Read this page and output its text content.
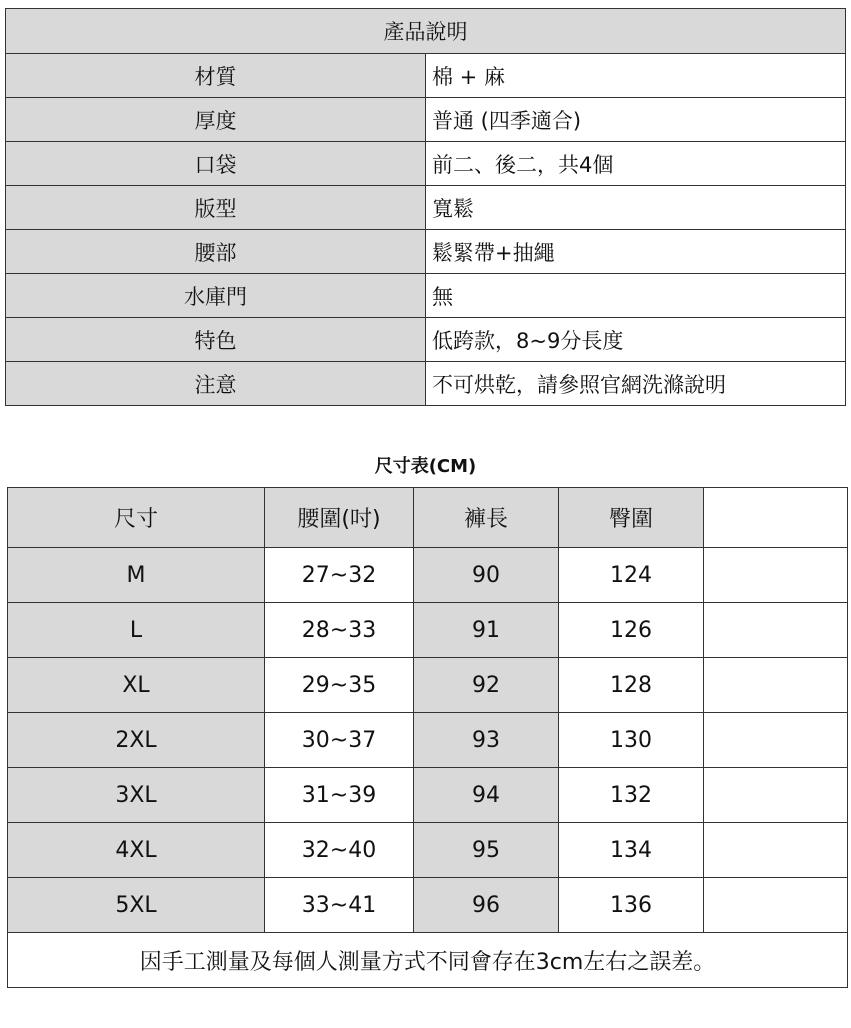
產品說明	
材質	棉 + 麻
厚度	普通 (四季適合)
口袋	前二、後二，共4個
版型	寬鬆
腰部	鬆緊帶+抽繩
水庫門	無
特色	低跨款，8~9分長度
注意	不可烘乾，請參照官網洗滌說明
尺寸表(CM)
尺寸	腰圍(吋)	褲長	臀圍	
M	27~32	90	124	
L	28~33	91	126	
XL	29~35	92	128	
2XL	30~37	93	130	
3XL	31~39	94	132	
4XL	32~40	95	134	
5XL	33~41	96	136	
因手工測量及每個人測量方式不同會存在3cm左右之誤差。				
